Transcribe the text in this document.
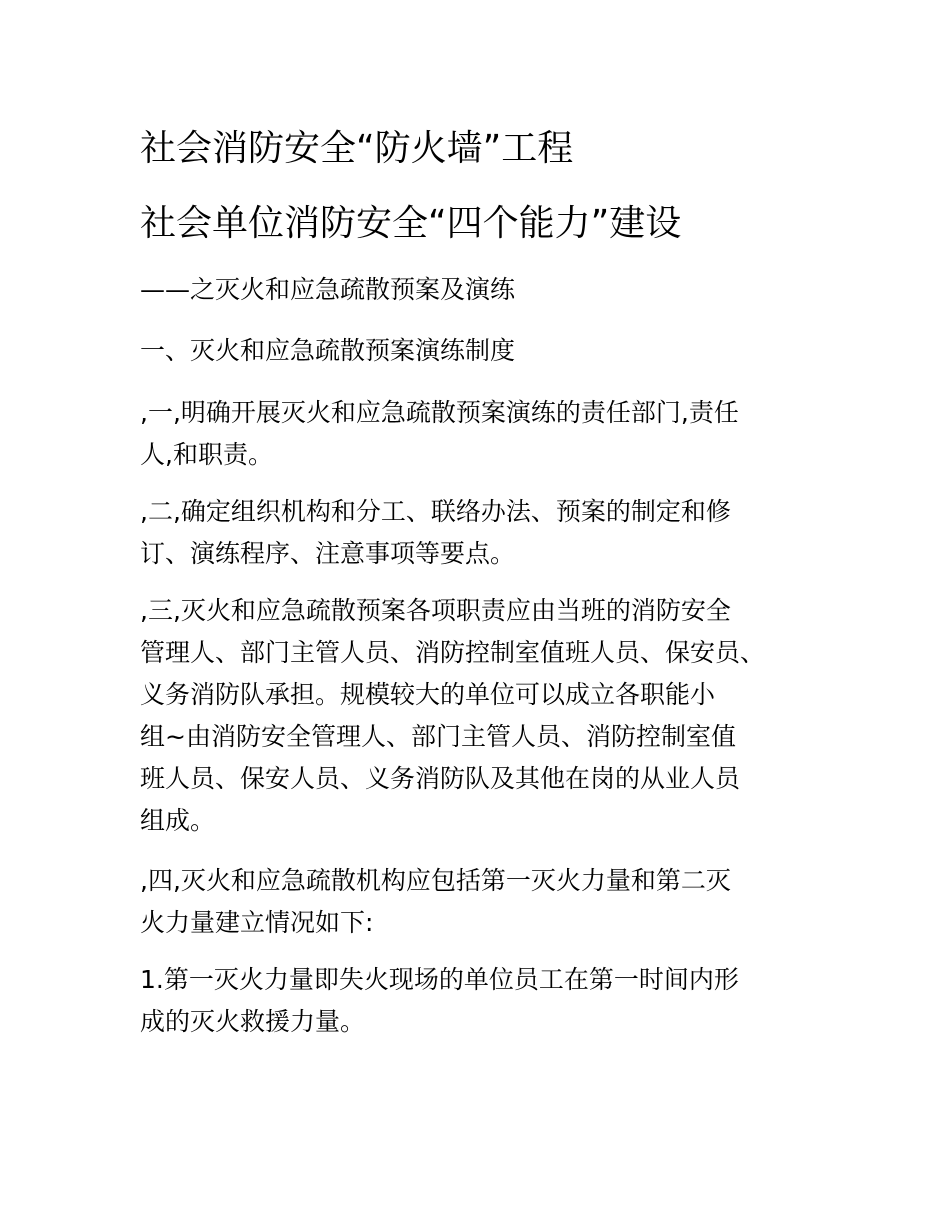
社会消防安全“防火墙”工程
社会单位消防安全“四个能力”建设
——之灭火和应急疏散预案及演练
一、灭火和应急疏散预案演练制度
,一,明确开展灭火和应急疏散预案演练的责任部门,责任
人,和职责。
,二,确定组织机构和分工、联络办法、预案的制定和修
订、演练程序、注意事项等要点。
,三,灭火和应急疏散预案各项职责应由当班的消防安全
管理人、部门主管人员、消防控制室值班人员、保安员、
义务消防队承担。规模较大的单位可以成立各职能小
组~由消防安全管理人、部门主管人员、消防控制室值
班人员、保安人员、义务消防队及其他在岗的从业人员
组成。
,四,灭火和应急疏散机构应包括第一灭火力量和第二灭
火力量建立情况如下:
1.第一灭火力量即失火现场的单位员工在第一时间内形
成的灭火救援力量。
